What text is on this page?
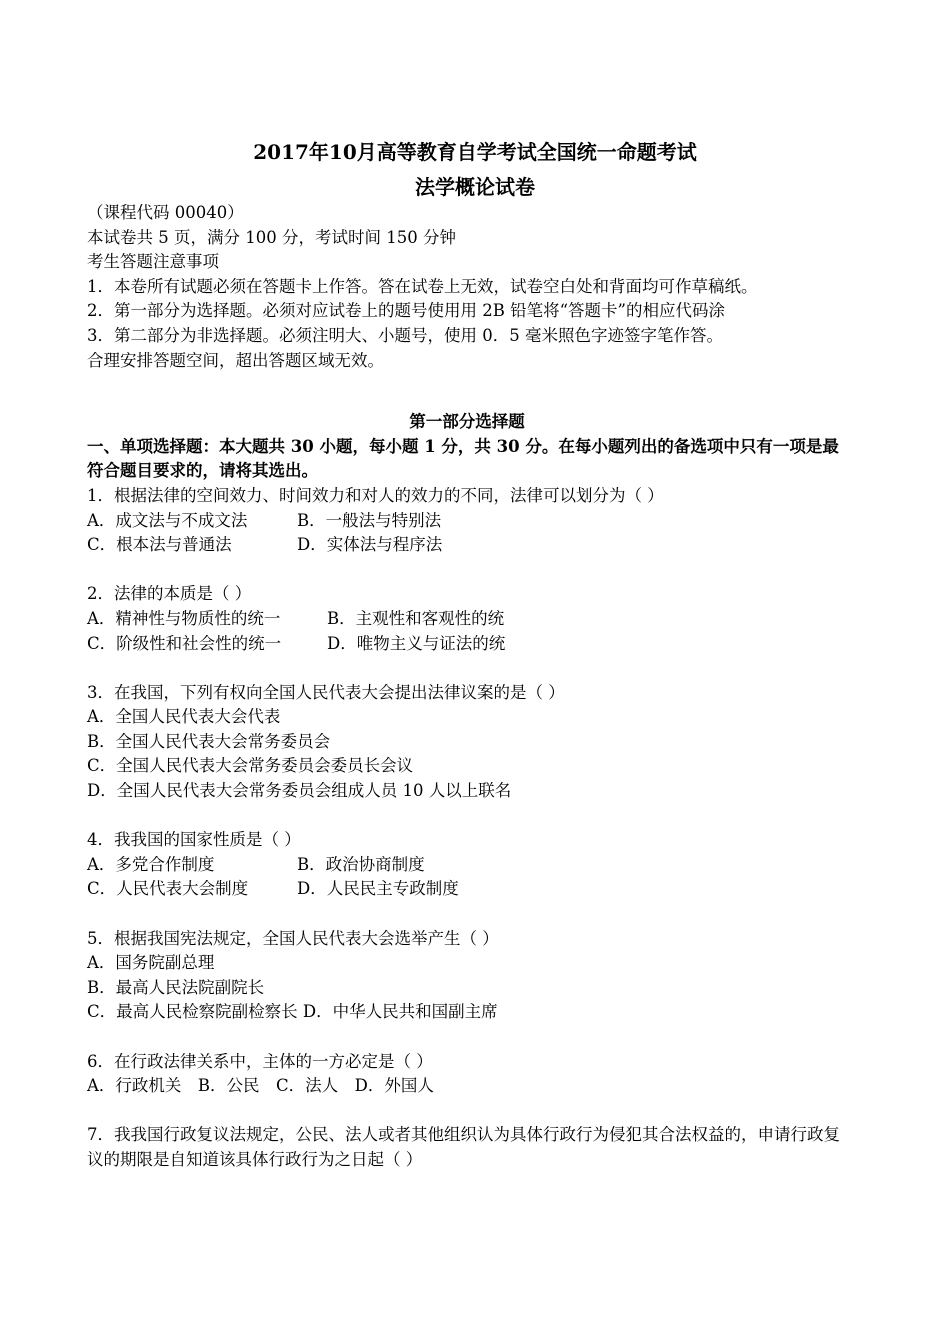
2017年10月高等教育自学考试全国统一命题考试
法学概论试卷
（课程代码 00040）
本试卷共 5 页，满分 100 分，考试时间 150 分钟
考生答题注意事项
1．本卷所有试题必须在答题卡上作答。答在试卷上无效，试卷空白处和背面均可作草稿纸。
2．第一部分为选择题。必须对应试卷上的题号使用用 2B 铅笔将“答题卡”的相应代码涂
3．第二部分为非选择题。必须注明大、小题号，使用 0．5 毫米照色字迹签字笔作答。
合理安排答题空间，超出答题区域无效。
第一部分选择题
一、单项选择题：本大题共 30 小题，每小题 1 分，共 30 分。在每小题列出的备选项中只有一项是最符合题目要求的，请将其选出。
1．根据法律的空间效力、时间效力和对人的效力的不同，法律可以划分为（ ）
A．成文法与不成文法	B．一般法与特别法
C．根本法与普通法	D．实体法与程序法
2．法律的本质是（ ）
A．精神性与物质性的统一	B．主观性和客观性的统
C．阶级性和社会性的统一	D．唯物主义与证法的统
3．在我国，下列有权向全国人民代表大会提出法律议案的是（ ）
A．全国人民代表大会代表
B．全国人民代表大会常务委员会
C．全国人民代表大会常务委员会委员长会议
D．全国人民代表大会常务委员会组成人员 10 人以上联名
4．我我国的国家性质是（ ）
A．多党合作制度	B．政治协商制度
C．人民代表大会制度	D．人民民主专政制度
5．根据我国宪法规定，全国人民代表大会选举产生（ ）
A．国务院副总理
B．最高人民法院副院长
C．最高人民检察院副检察长 D．中华人民共和国副主席
6．在行政法律关系中，主体的一方必定是（ ）
A．行政机关　B．公民　C．法人　D．外国人
7．我我国行政复议法规定，公民、法人或者其他组织认为具体行政行为侵犯其合法权益的，申请行政复议的期限是自知道该具体行政行为之日起（ ）
